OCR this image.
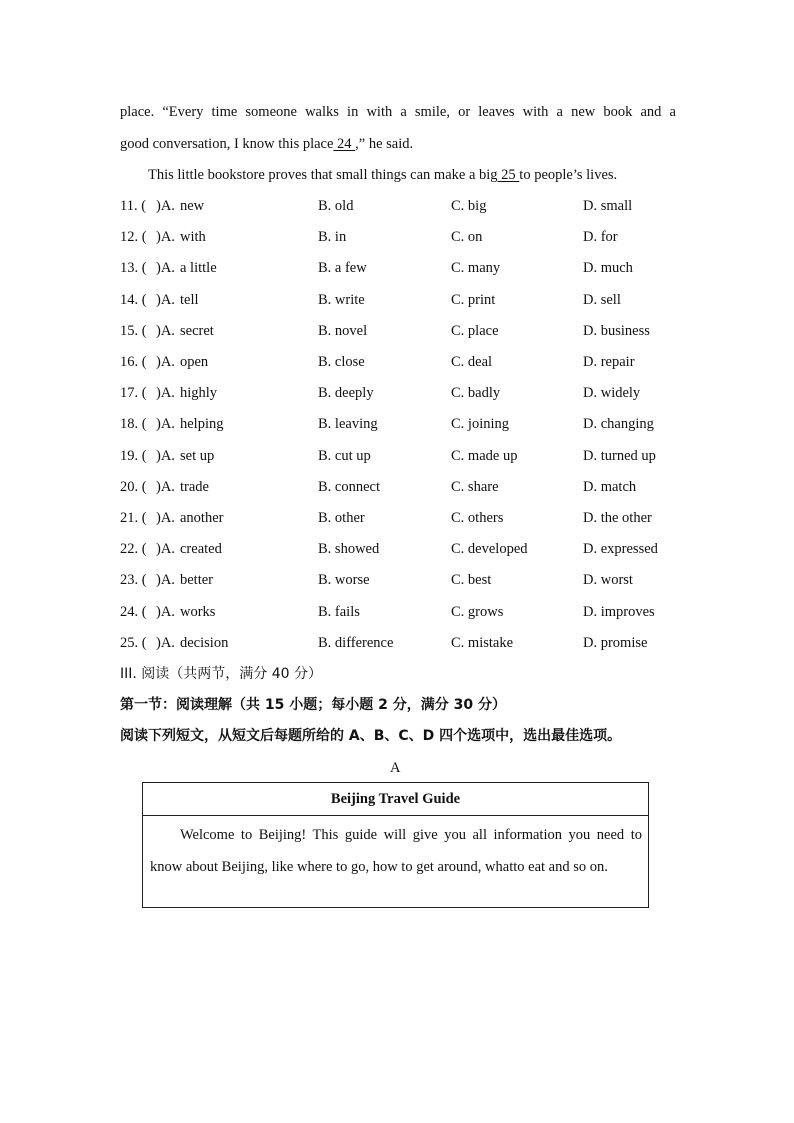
place. “Every time someone walks in with a smile, or leaves with a new book and a
good conversation, I know this place 24 ,” he said.
This little bookstore proves that small things can make a big 25 to people’s lives.
11. ( )A. new	B. old	C. big	D. small
12. ( )A. with	B. in	C. on	D. for
13. ( )A. a little	B. a few	C. many	D. much
14. ( )A. tell	B. write	C. print	D. sell
15. ( )A. secret	B. novel	C. place	D. business
16. ( )A. open	B. close	C. deal	D. repair
17. ( )A. highly	B. deeply	C. badly	D. widely
18. ( )A. helping	B. leaving	C. joining	D. changing
19. ( )A. set up	B. cut up	C. made up	D. turned up
20. ( )A. trade	B. connect	C. share	D. match
21. ( )A. another	B. other	C. others	D. the other
22. ( )A. created	B. showed	C. developed	D. expressed
23. ( )A. better	B. worse	C. best	D. worst
24. ( )A. works	B. fails	C. grows	D. improves
25. ( )A. decision	B. difference	C. mistake	D. promise
III. 阅读（共两节，满分 40 分）
第一节：阅读理解（共 15 小题；每小题 2 分，满分 30 分）
阅读下列短文，从短文后每题所给的 A、B、C、D 四个选项中，选出最佳选项。
A
Beijing Travel Guide
Welcome to Beijing! This guide will give you all information you need to know about Beijing, like where to go, how to get around, whatto eat and so on.
